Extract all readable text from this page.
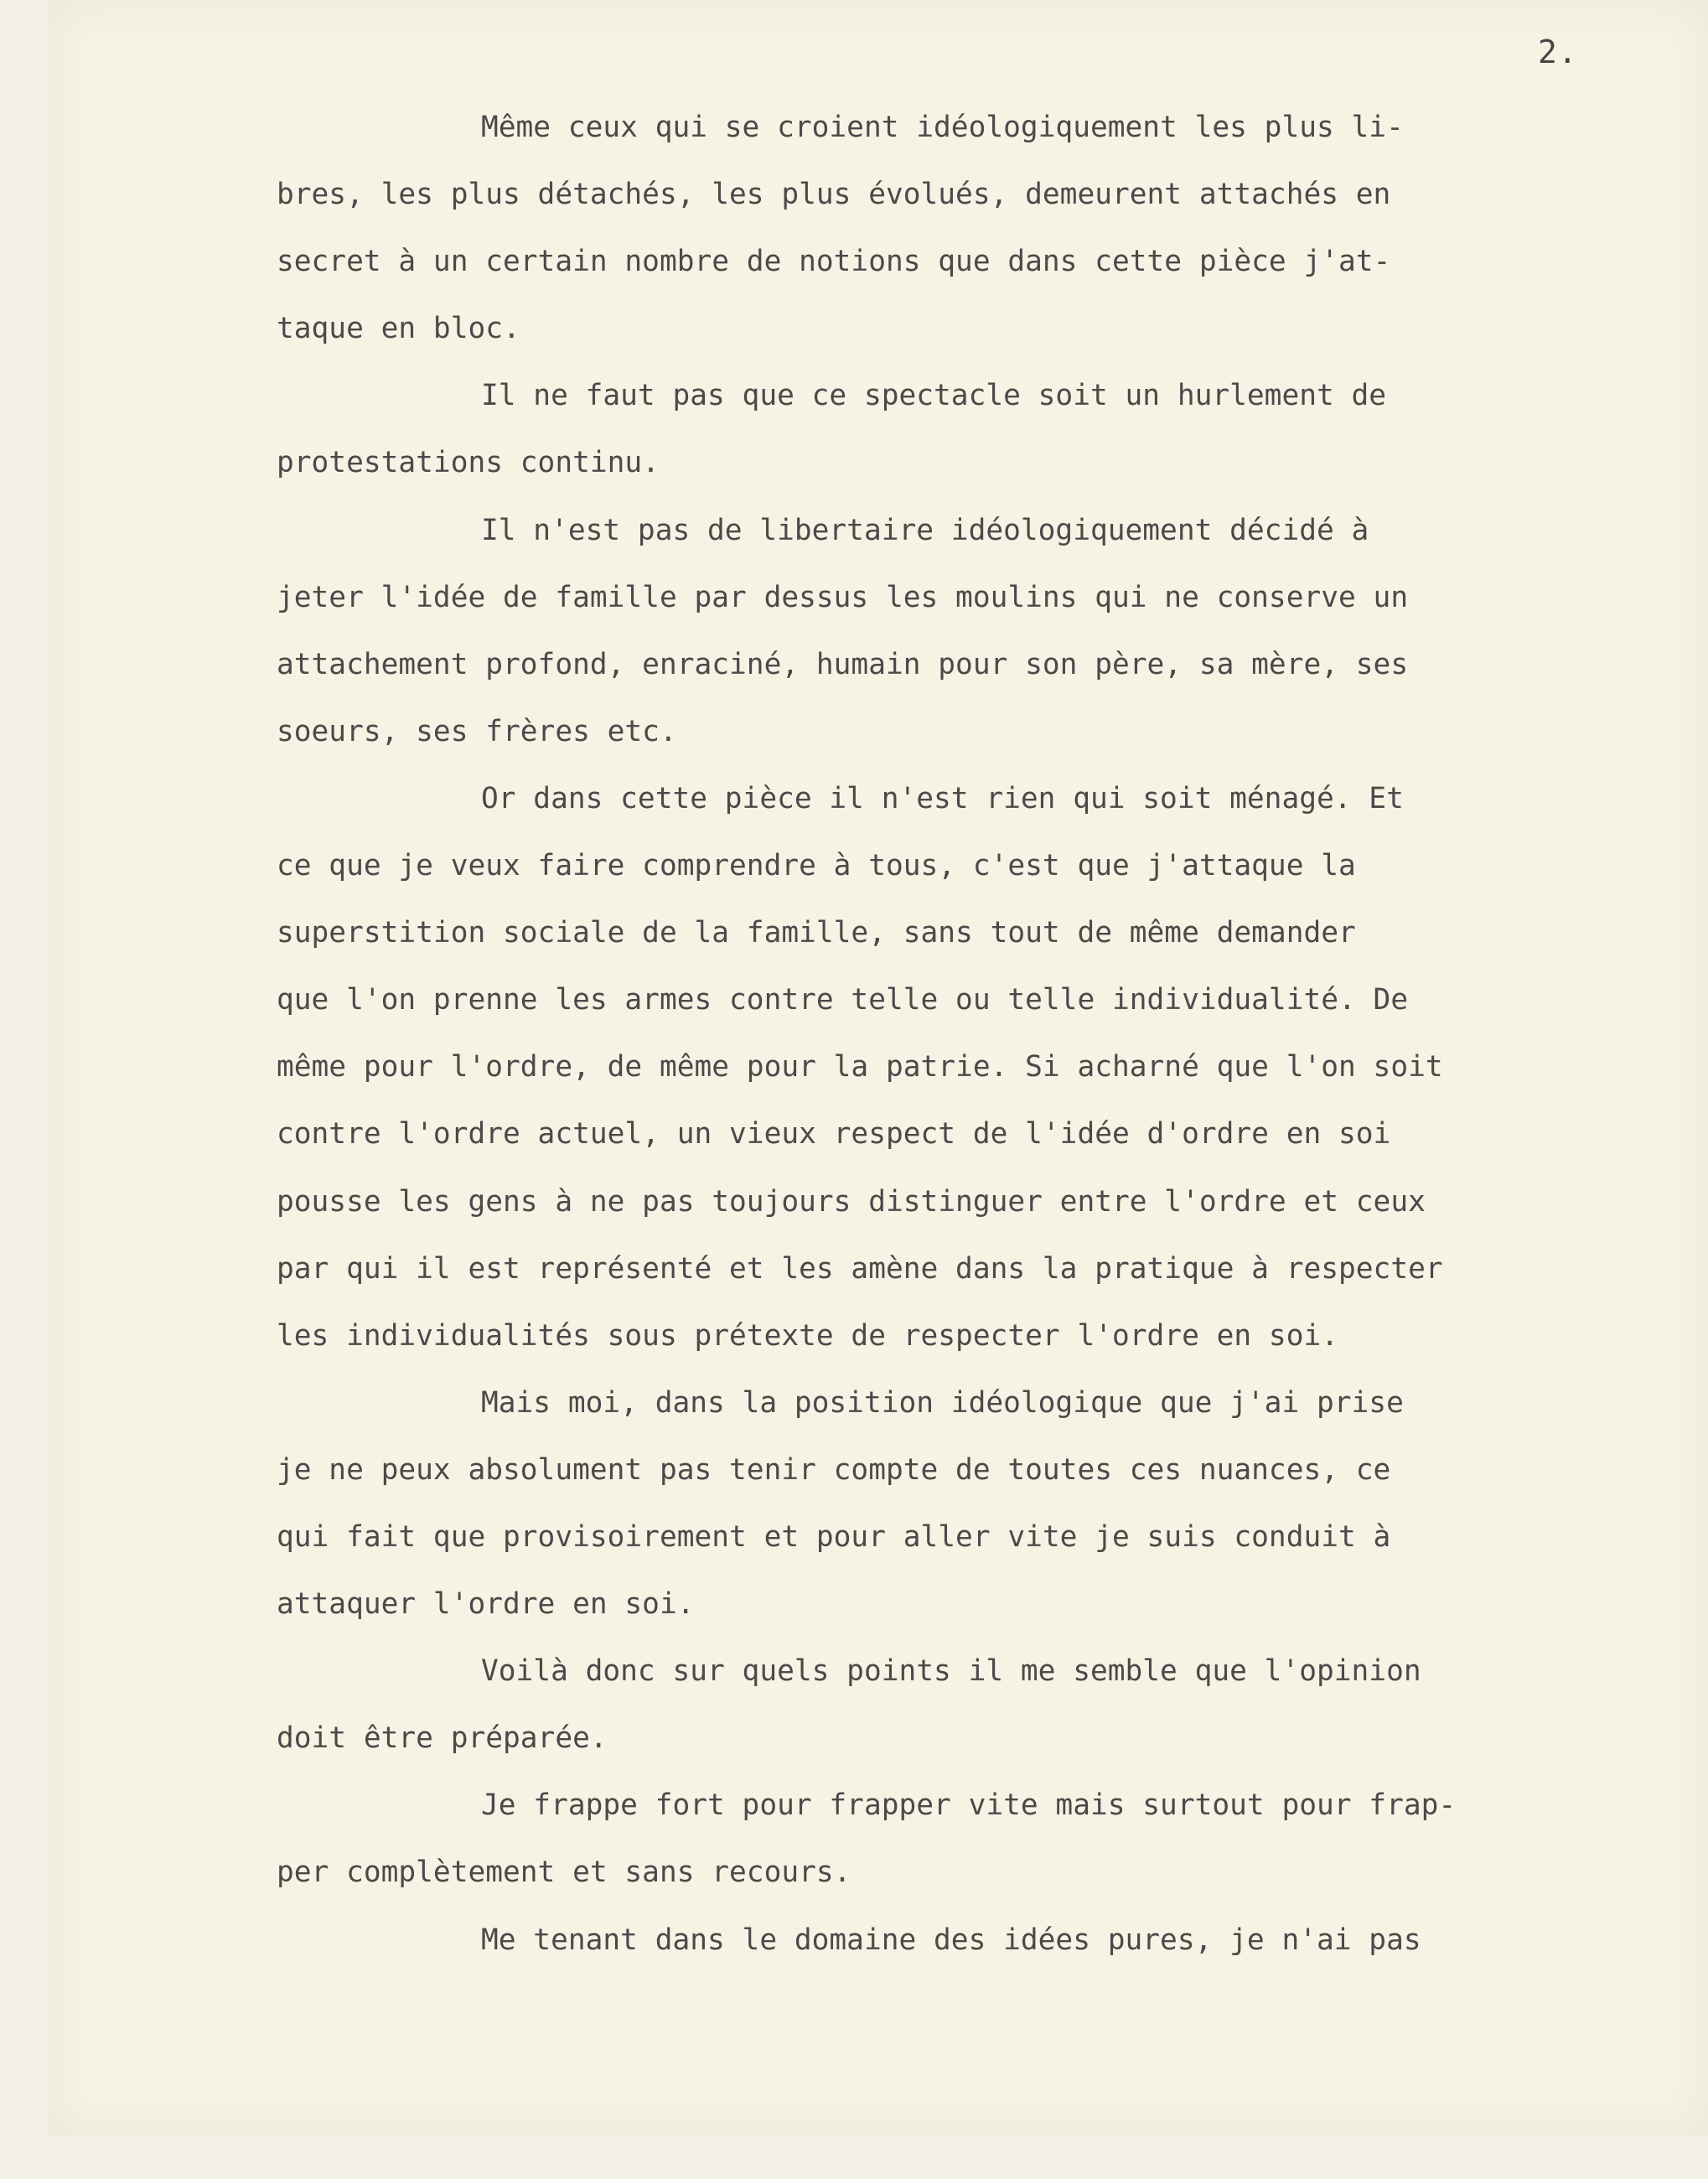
2.
Même ceux qui se croient idéologiquement les plus li-
bres, les plus détachés, les plus évolués, demeurent attachés en
secret à un certain nombre de notions que dans cette pièce j'at-
taque en bloc.
Il ne faut pas que ce spectacle soit un hurlement de
protestations continu.
Il n'est pas de libertaire idéologiquement décidé à
jeter l'idée de famille par dessus les moulins qui ne conserve un
attachement profond, enraciné, humain pour son père, sa mère, ses
soeurs, ses frères etc.
Or dans cette pièce il n'est rien qui soit ménagé. Et
ce que je veux faire comprendre à tous, c'est que j'attaque la
superstition sociale de la famille, sans tout de même demander
que l'on prenne les armes contre telle ou telle individualité. De
même pour l'ordre, de même pour la patrie. Si acharné que l'on soit
contre l'ordre actuel, un vieux respect de l'idée d'ordre en soi
pousse les gens à ne pas toujours distinguer entre l'ordre et ceux
par qui il est représenté et les amène dans la pratique à respecter
les individualités sous prétexte de respecter l'ordre en soi.
Mais moi, dans la position idéologique que j'ai prise
je ne peux absolument pas tenir compte de toutes ces nuances, ce
qui fait que provisoirement et pour aller vite je suis conduit à
attaquer l'ordre en soi.
Voilà donc sur quels points il me semble que l'opinion
doit être préparée.
Je frappe fort pour frapper vite mais surtout pour frap-
per complètement et sans recours.
Me tenant dans le domaine des idées pures, je n'ai pas
